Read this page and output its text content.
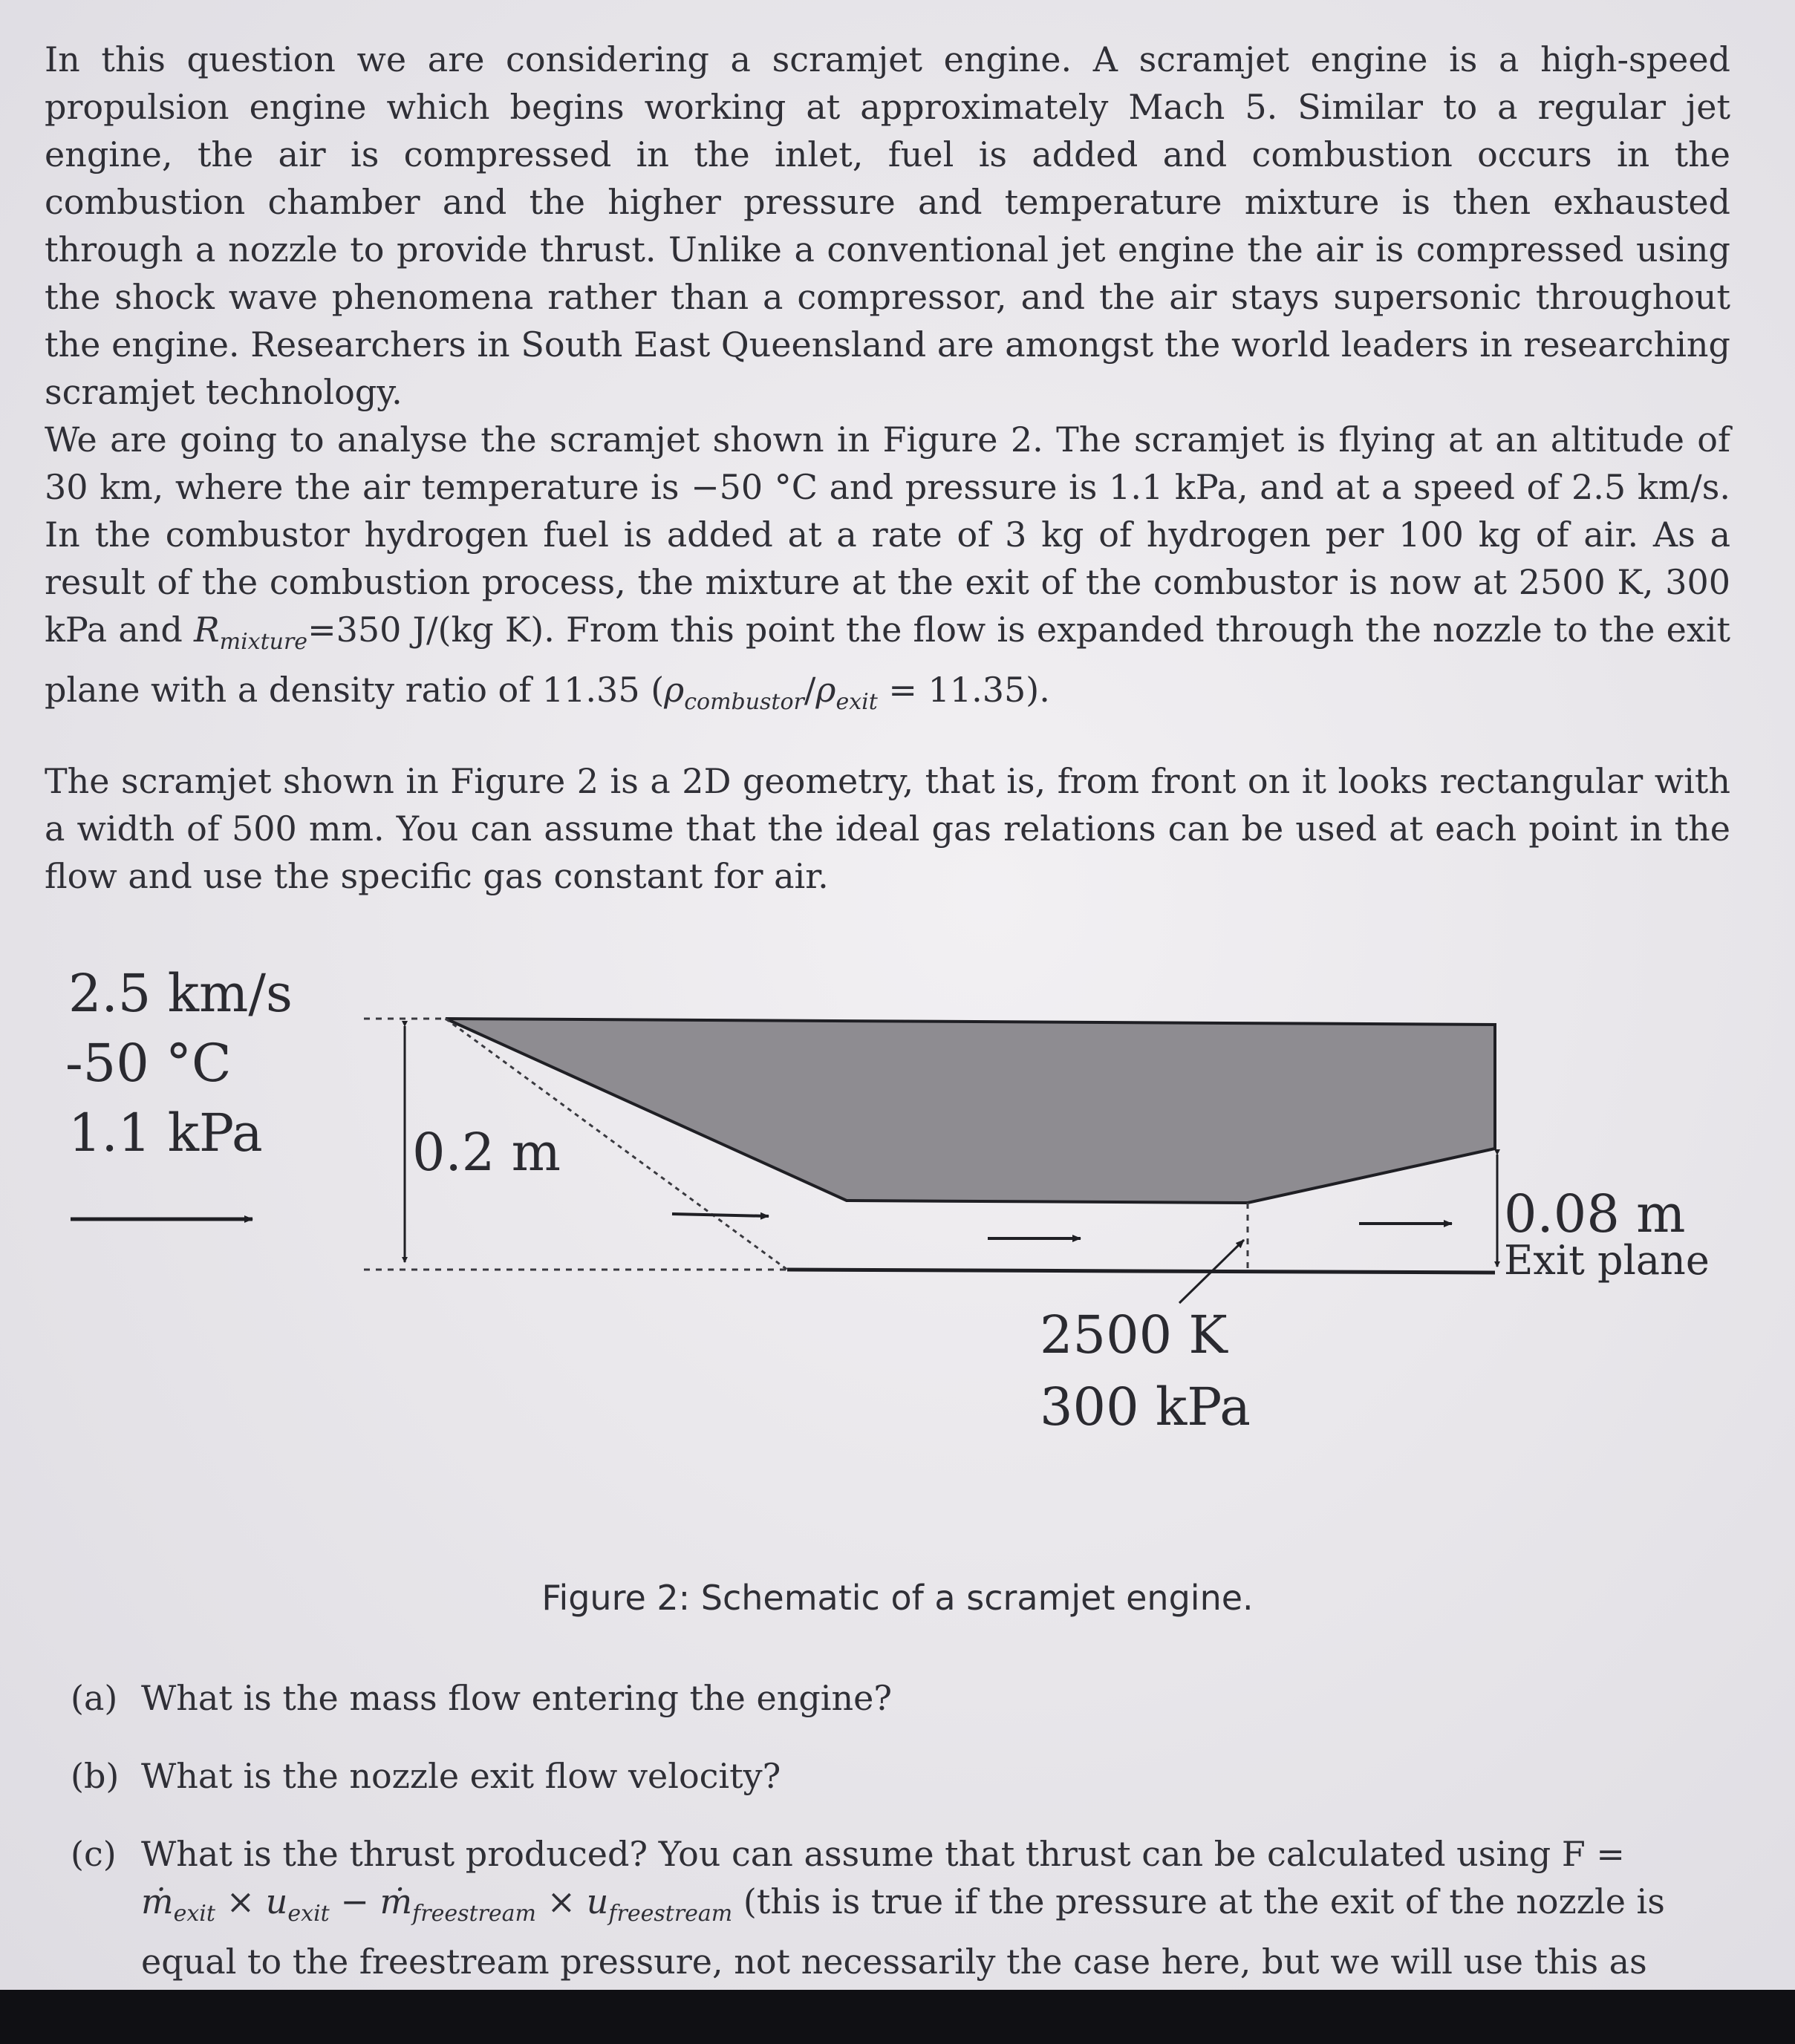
In this question we are considering a scramjet engine. A scramjet engine is a high-speed propulsion engine which begins working at approximately Mach 5. Similar to a regular jet engine, the air is compressed in the inlet, fuel is added and combustion occurs in the combustion chamber and the higher pressure and temperature mixture is then exhausted through a nozzle to provide thrust. Unlike a conventional jet engine the air is compressed using the shock wave phenomena rather than a compressor, and the air stays supersonic throughout the engine. Researchers in South East Queensland are amongst the world leaders in researching scramjet technology.

We are going to analyse the scramjet shown in Figure 2. The scramjet is flying at an altitude of 30 km, where the air temperature is −50 °C and pressure is 1.1 kPa, and at a speed of 2.5 km/s. In the combustor hydrogen fuel is added at a rate of 3 kg of hydrogen per 100 kg of air. As a result of the combustion process, the mixture at the exit of the combustor is now at 2500 K, 300 kPa and $R_{mixture}=350$ J/(kg K). From this point the flow is expanded through the nozzle to the exit plane with a density ratio of 11.35 $(\rho_{combustor}/\rho_{exit} = 11.35)$.

The scramjet shown in Figure 2 is a 2D geometry, that is, from front on it looks rectangular with a width of 500 mm. You can assume that the ideal gas relations can be used at each point in the flow and use the specific gas constant for air.

2.5 km/s
-50 °C
1.1 kPa	0.2 m
0.08 m
Exit plane
2500 K
300 kPa
Figure 2: Schematic of a scramjet engine.

(a) What is the mass flow entering the engine?

(b) What is the nozzle exit flow velocity?

(c) What is the thrust produced? You can assume that thrust can be calculated using F =
ṁ$_{exit}$ × $u_{exit}$ − ṁ$_{freestream}$ × $u_{freestream}$ (this is true if the pressure at the exit of the nozzle is equal to the freestream pressure, not necessarily the case here, but we will use this as
